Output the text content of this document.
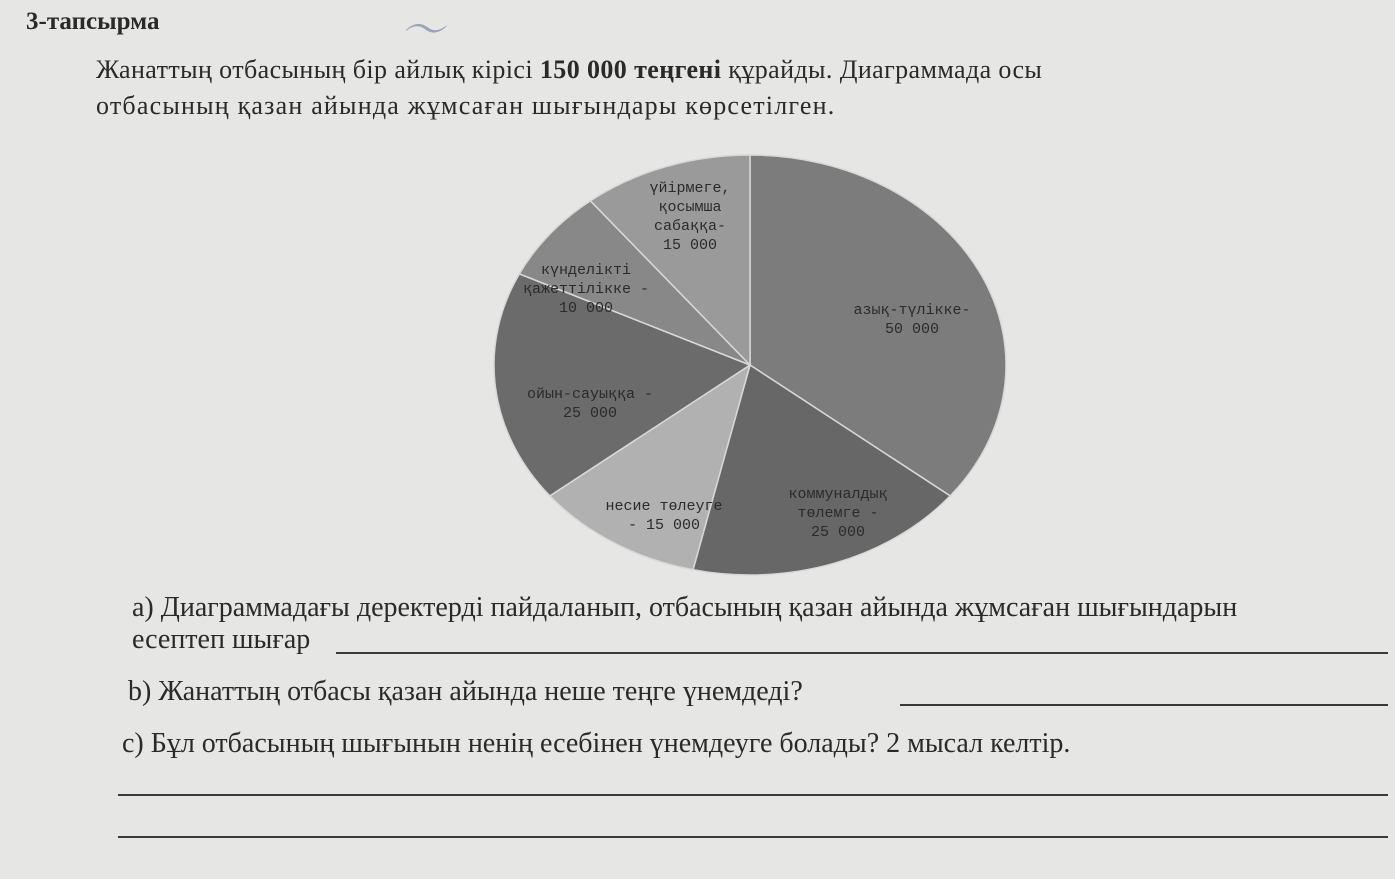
3-тапсырма	〜
Жанаттың отбасының бір айлық кірісі 150 000 теңгені құрайды. Диаграммада осы
отбасының қазан айында жұмсаған шығындары көрсетілген.
азық-түлікке-50 000
коммуналдық төлемге -25 000
несие төлеуге - 15 000
ойын-сауыққа -25 000
күнделікті қажеттілікке -10 000
үйірмеге, қосымша сабаққа-15 000
а) Диаграммадағы деректерді пайдаланып, отбасының қазан айында жұмсаған шығындарын
есептеп шығар
b) Жанаттың отбасы қазан айында неше теңге үнемдеді?
с) Бұл отбасының шығынын ненің есебінен үнемдеуге болады? 2 мысал келтір.
